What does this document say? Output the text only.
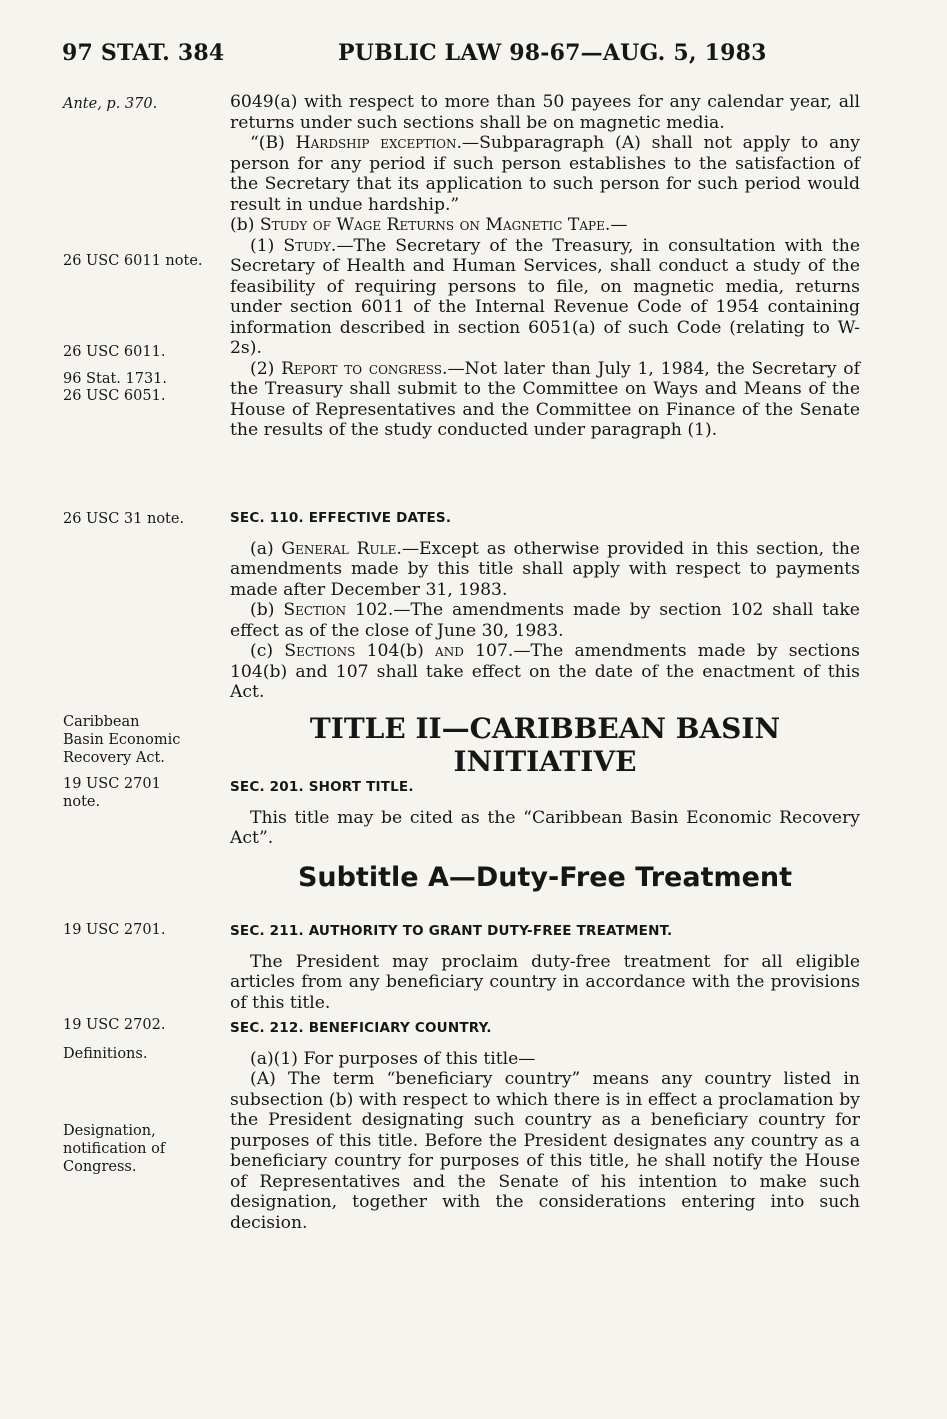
97 STAT. 384	PUBLIC LAW 98-67—AUG. 5, 1983
Ante, p. 370.
26 USC 6011 note.
26 USC 6011.
96 Stat. 1731.
26 USC 6051.
26 USC 31 note.
Caribbean Basin Economic Recovery Act.
19 USC 2701 note.
19 USC 2701.
19 USC 2702.
Definitions.
Designation, notification of Congress.

6049(a) with respect to more than 50 payees for any calendar year, all returns under such sections shall be on magnetic media.

“(B) Hardship exception.—Subparagraph (A) shall not apply to any person for any period if such person establishes to the satisfaction of the Secretary that its application to such person for such period would result in undue hardship.”

(b) Study of Wage Returns on Magnetic Tape.—

(1) Study.—The Secretary of the Treasury, in consultation with the Secretary of Health and Human Services, shall conduct a study of the feasibility of requiring persons to file, on magnetic media, returns under section 6011 of the Internal Revenue Code of 1954 containing information described in section 6051(a) of such Code (relating to W-2s).

(2) Report to congress.—Not later than July 1, 1984, the Secretary of the Treasury shall submit to the Committee on Ways and Means of the House of Representatives and the Committee on Finance of the Senate the results of the study conducted under paragraph (1).

SEC. 110. EFFECTIVE DATES.

(a) General Rule.—Except as otherwise provided in this section, the amendments made by this title shall apply with respect to payments made after December 31, 1983.

(b) Section 102.—The amendments made by section 102 shall take effect as of the close of June 30, 1983.

(c) Sections 104(b) and 107.—The amendments made by sections 104(b) and 107 shall take effect on the date of the enactment of this Act.

TITLE II—CARIBBEAN BASIN INITIATIVE
SEC. 201. SHORT TITLE.

This title may be cited as the “Caribbean Basin Economic Recovery Act”.

Subtitle A—Duty-Free Treatment
SEC. 211. AUTHORITY TO GRANT DUTY-FREE TREATMENT.

The President may proclaim duty-free treatment for all eligible articles from any beneficiary country in accordance with the provisions of this title.

SEC. 212. BENEFICIARY COUNTRY.

(a)(1) For purposes of this title—

(A) The term “beneficiary country” means any country listed in subsection (b) with respect to which there is in effect a proclamation by the President designating such country as a beneficiary country for purposes of this title. Before the President designates any country as a beneficiary country for purposes of this title, he shall notify the House of Representatives and the Senate of his intention to make such designation, together with the considerations entering into such decision.
